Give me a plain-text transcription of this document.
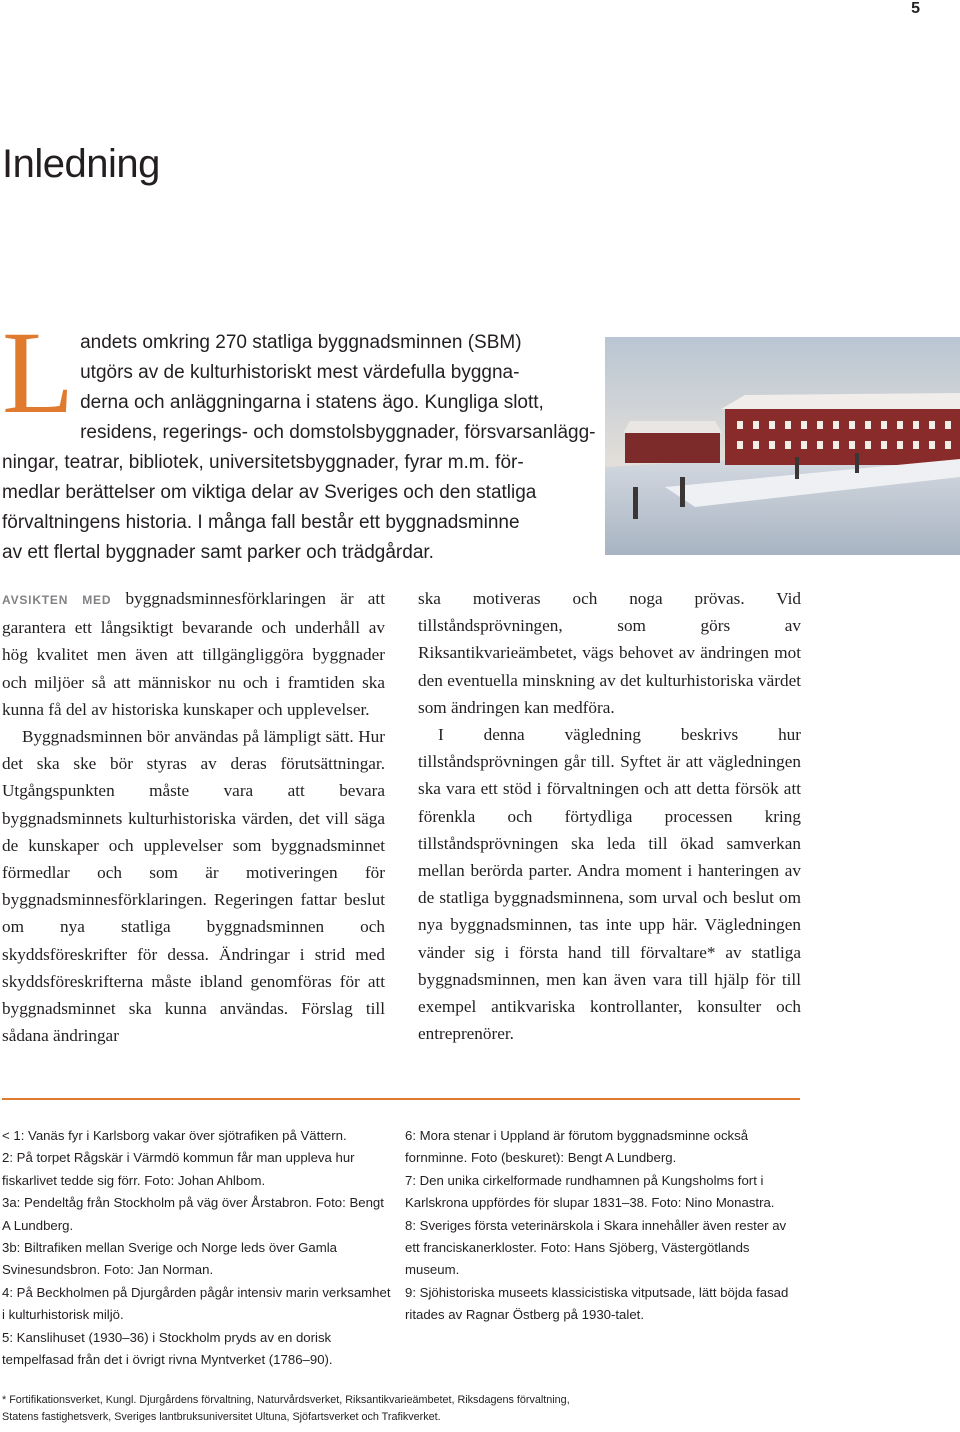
5
Inledning
L andets omkring 270 statliga byggnadsminnen (SBM)
utgörs av de kulturhistoriskt mest värdefulla byggna-
derna och anläggningarna i statens ägo. Kungliga slott,
residens, regerings- och domstolsbyggnader, försvarsanlägg-
ningar, teatrar, bibliotek, universitetsbyggnader, fyrar m.m. för-
medlar berättelser om viktiga delar av Sveriges och den statliga
förvaltningens historia. I många fall består ett byggnadsminne
av ett flertal byggnader samt parker och trädgårdar.

AVSIKTEN MED byggnadsminnesförklaringen är att garantera ett långsiktigt bevarande och underhåll av hög kvalitet men även att tillgängliggöra byggnader och miljöer så att människor nu och i framtiden ska kunna få del av historiska kunskaper och upplevelser.

Byggnadsminnen bör användas på lämpligt sätt. Hur det ska ske bör styras av deras förutsättningar. Utgångspunkten måste vara att bevara byggnadsminnets kulturhistoriska värden, det vill säga de kunskaper och upplevelser som byggnadsminnet förmedlar och som är motiveringen för byggnadsminnesförklaringen. Regeringen fattar beslut om nya statliga byggnadsminnen och skyddsföreskrifter för dessa. Ändringar i strid med skyddsföreskrifterna måste ibland genomföras för att byggnadsminnet ska kunna användas. Förslag till sådana ändringar

ska motiveras och noga prövas. Vid tillståndsprövningen, som görs av Riksantikvarieämbetet, vägs behovet av ändringen mot den eventuella minskning av det kulturhistoriska värdet som ändringen kan medföra.

I denna vägledning beskrivs hur tillståndsprövningen går till. Syftet är att vägledningen ska vara ett stöd i förvaltningen och att detta försök att förenkla och förtydliga processen kring tillståndsprövningen ska leda till ökad samverkan mellan berörda parter. Andra moment i hanteringen av de statliga byggnadsminnena, som urval och beslut om nya byggnadsminnen, tas inte upp här. Vägledningen vänder sig i första hand till förvaltare* av statliga byggnadsminnen, men kan även vara till hjälp för till exempel antikvariska kontrollanter, konsulter och entreprenörer.

< 1: Vanäs fyr i Karlsborg vakar över sjötrafiken på Vättern.

2: På torpet Rågskär i Värmdö kommun får man uppleva hur fiskarlivet tedde sig förr. Foto: Johan Ahlbom.

3a: Pendeltåg från Stockholm på väg över Årstabron. Foto: Bengt A Lundberg.

3b: Biltrafiken mellan Sverige och Norge leds över Gamla Svinesundsbron. Foto: Jan Norman.

4: På Beckholmen på Djurgården pågår intensiv marin verksamhet i kulturhistorisk miljö.

5: Kanslihuset (1930–36) i Stockholm pryds av en dorisk tempelfasad från det i övrigt rivna Myntverket (1786–90).

6: Mora stenar i Uppland är förutom byggnadsminne också fornminne. Foto (beskuret): Bengt A Lundberg.

7: Den unika cirkelformade rundhamnen på Kungsholms fort i Karlskrona uppfördes för slupar 1831–38. Foto: Nino Monastra.

8: Sveriges första veterinärskola i Skara innehåller även rester av ett franciskanerkloster. Foto: Hans Sjöberg, Västergötlands museum.

9: Sjöhistoriska museets klassicistiska vitputsade, lätt böjda fasad ritades av Ragnar Östberg på 1930-talet.

* Fortifikationsverket, Kungl. Djurgårdens förvaltning, Naturvårdsverket, Riksantikvarieämbetet, Riksdagens förvaltning,

Statens fastighetsverk, Sveriges lantbruksuniversitet Ultuna, Sjöfartsverket och Trafikverket.
